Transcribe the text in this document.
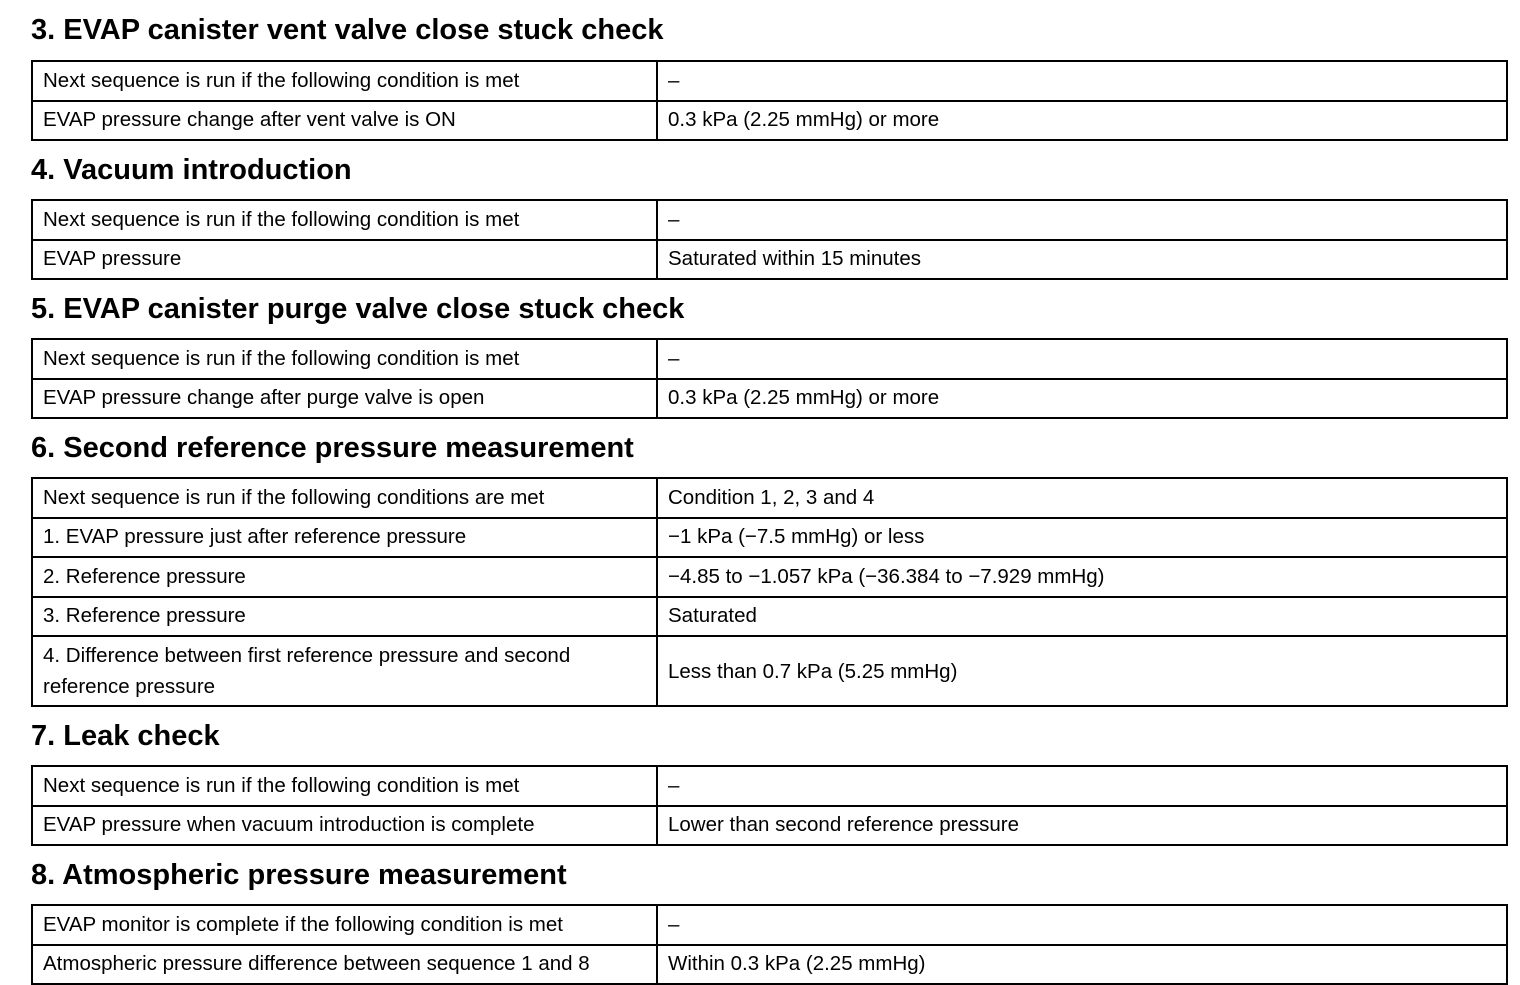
3. EVAP canister vent valve close stuck check
Next sequence is run if the following condition is met	–
EVAP pressure change after vent valve is ON	0.3 kPa (2.25 mmHg) or more
4. Vacuum introduction
Next sequence is run if the following condition is met	–
EVAP pressure	Saturated within 15 minutes
5. EVAP canister purge valve close stuck check
Next sequence is run if the following condition is met	–
EVAP pressure change after purge valve is open	0.3 kPa (2.25 mmHg) or more
6. Second reference pressure measurement
Next sequence is run if the following conditions are met	Condition 1, 2, 3 and 4
1. EVAP pressure just after reference pressure	−1 kPa (−7.5 mmHg) or less
2. Reference pressure	−4.85 to −1.057 kPa (−36.384 to −7.929 mmHg)
3. Reference pressure	Saturated
4. Difference between first reference pressure and second reference pressure	Less than 0.7 kPa (5.25 mmHg)
7. Leak check
Next sequence is run if the following condition is met	–
EVAP pressure when vacuum introduction is complete	Lower than second reference pressure
8. Atmospheric pressure measurement
EVAP monitor is complete if the following condition is met	–
Atmospheric pressure difference between sequence 1 and 8	Within 0.3 kPa (2.25 mmHg)
